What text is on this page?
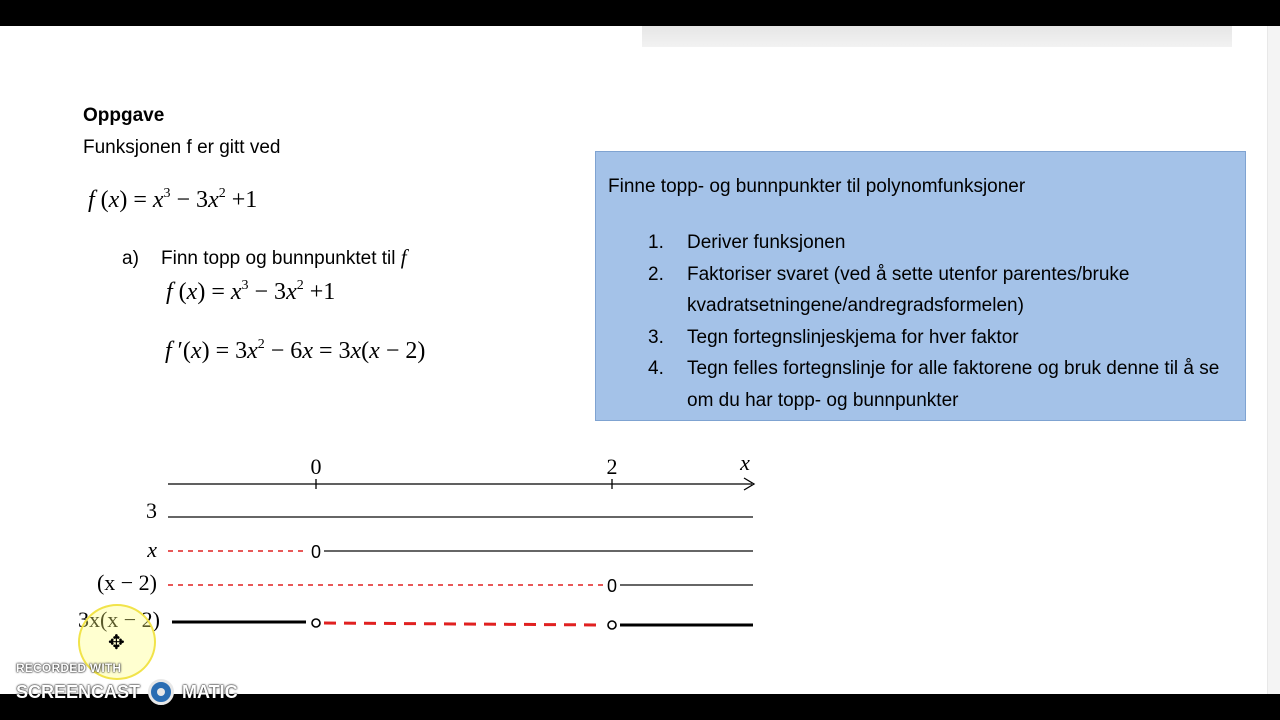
Oppgave
Funksjonen f er gitt ved
f $(x) = x^3 - 3x^2 +1$
a) Finn topp og bunnpunktet til f
f $(x) = x^3 - 3x^2 +1$
f $'(x) = 3x^2 - 6x = 3x(x - 2)$
Finne topp- og bunnpunkter til polynomfunksjoner
1.	Deriver funksjonen
2.	Faktoriser svaret (ved å sette utenfor parentes/bruke kvadratsetningene/andregradsformelen)
3.	Tegn fortegnslinjeskjema for hver faktor
4.	Tegn felles fortegnslinje for alle faktorene og bruk denne til å se om du har topp- og bunnpunkter
0	2	x
3
x	0
(x − 2)	0
3x(x − 2)
✥
RECORDED WITH
SCREENCAST MATIC
